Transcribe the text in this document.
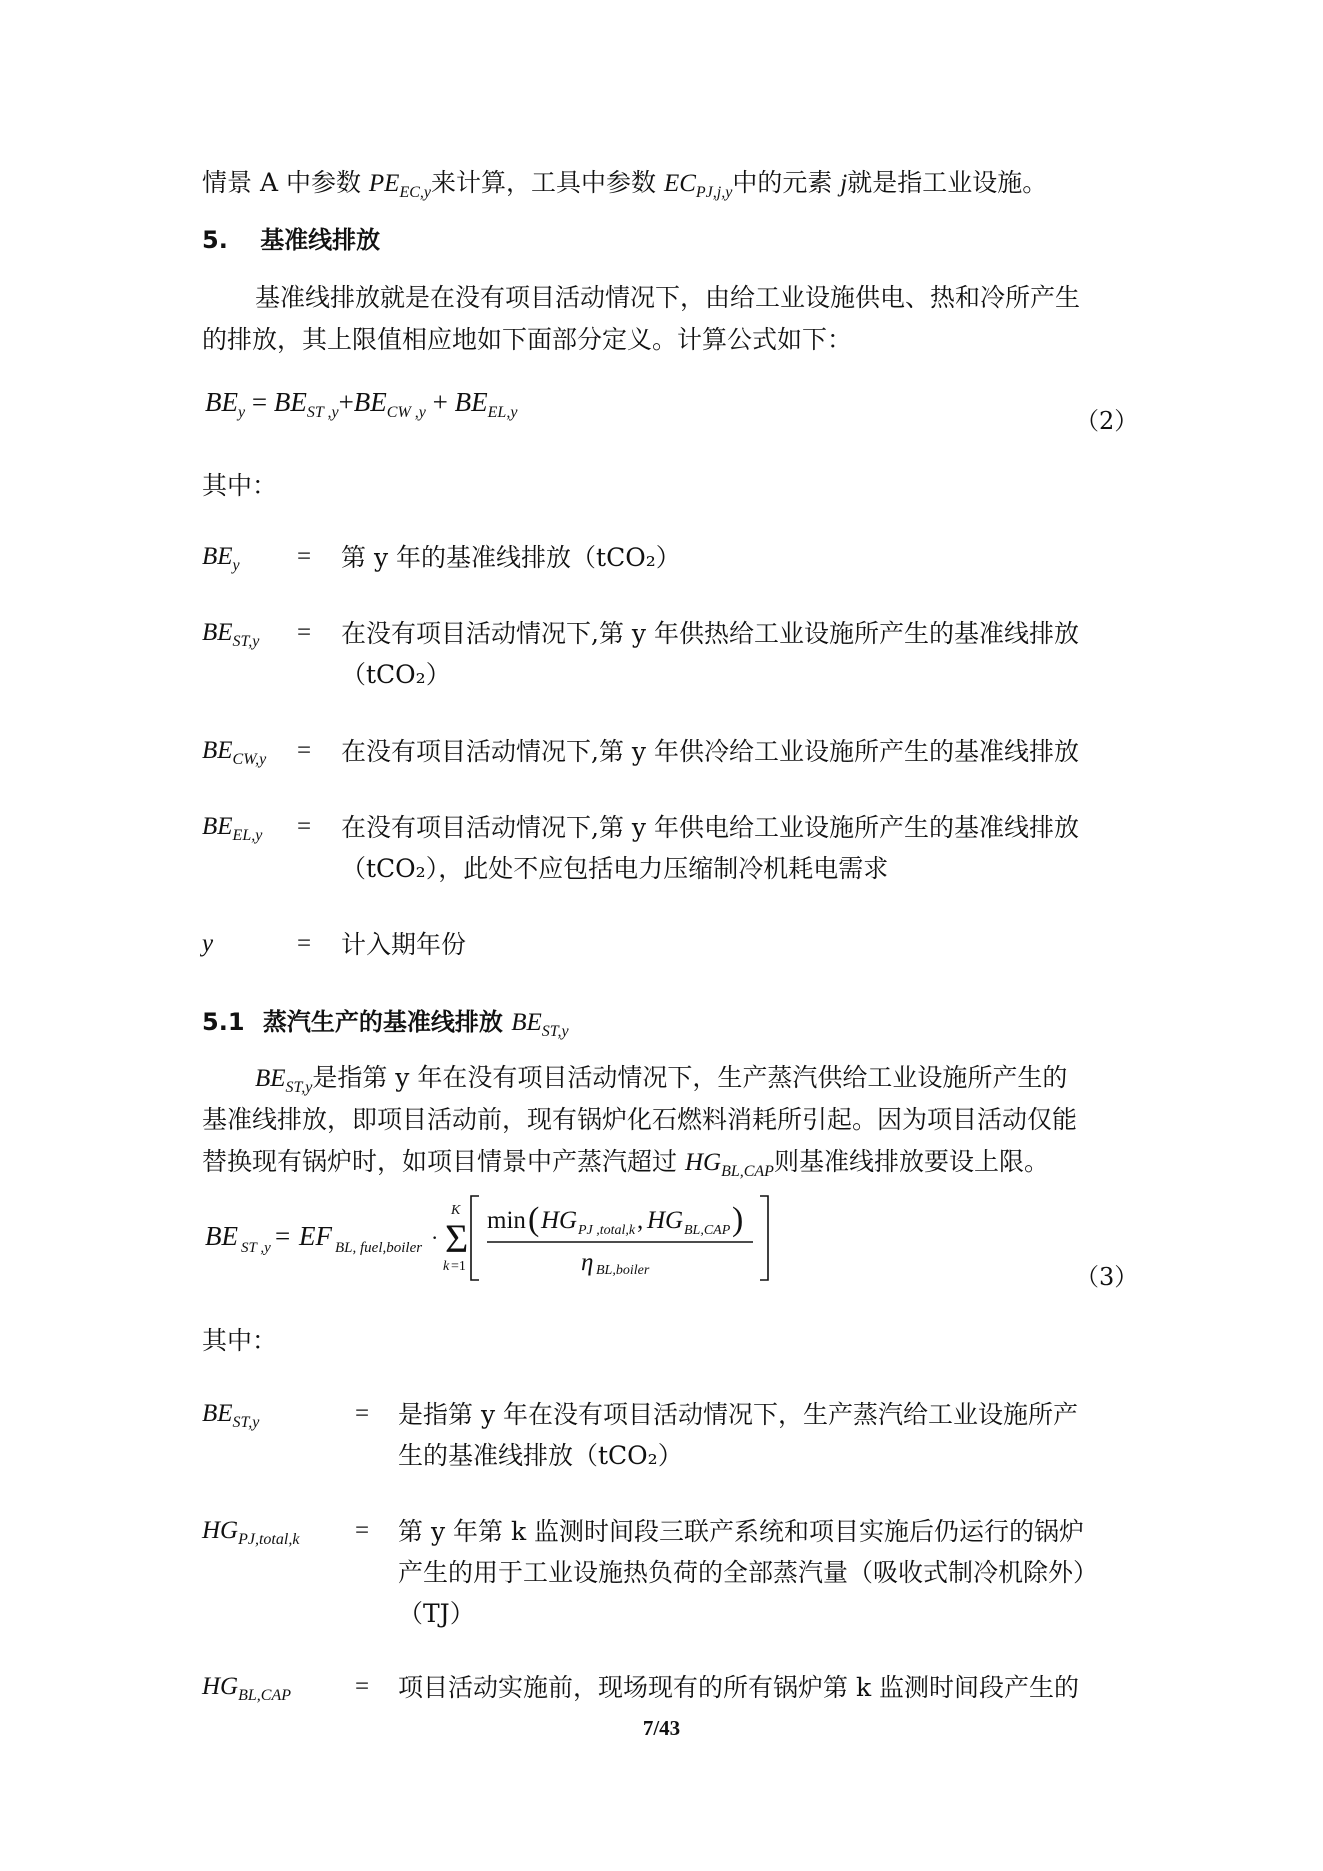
情景 A 中参数 $PE_{EC,y}$来计算，工具中参数 $EC_{PJ,j,y}$中的元素 j就是指工业设施。
5. 基准线排放
基准线排放就是在没有项目活动情况下，由给工业设施供电、热和冷所产生
的排放，其上限值相应地如下面部分定义。计算公式如下：
$BE_y = BE_{ST ,y}+BE_{CW ,y} + BE_{EL,y}$	（2）
其中：
$BE_y$ = 第 y 年的基准线排放（tCO₂）
$BE_{ST,y}$ = 在没有项目活动情况下,第 y 年供热给工业设施所产生的基准线排放
（tCO₂）
$BE_{CW,y}$ = 在没有项目活动情况下,第 y 年供冷给工业设施所产生的基准线排放
$BE_{EL,y}$ = 在没有项目活动情况下,第 y 年供电给工业设施所产生的基准线排放
（tCO₂），此处不应包括电力压缩制冷机耗电需求
y	= 计入期年份
5.1 蒸汽生产的基准线排放 $BE_{ST,y}$
$BE_{ST,y}$是指第 y 年在没有项目活动情况下，生产蒸汽供给工业设施所产生的
基准线排放，即项目活动前，现有锅炉化石燃料消耗所引起。因为项目活动仅能
替换现有锅炉时，如项目情景中产蒸汽超过 $HG_{BL,CAP}$则基准线排放要设上限。
BE ST ,y = EF BL, fuel,boiler · Σ
K
k =1
min ( HG PJ ,total,k , HG BL,CAP )
η BL,boiler	（3）
其中：
$BE_{ST,y}$	= 是指第 y 年在没有项目活动情况下，生产蒸汽给工业设施所产
生的基准线排放（tCO₂）
$HG_{PJ,total,k}$ = 第 y 年第 k 监测时间段三联产系统和项目实施后仍运行的锅炉
产生的用于工业设施热负荷的全部蒸汽量（吸收式制冷机除外）
（TJ）
$HG_{BL,CAP}$	= 项目活动实施前，现场现有的所有锅炉第 k 监测时间段产生的
7/43
